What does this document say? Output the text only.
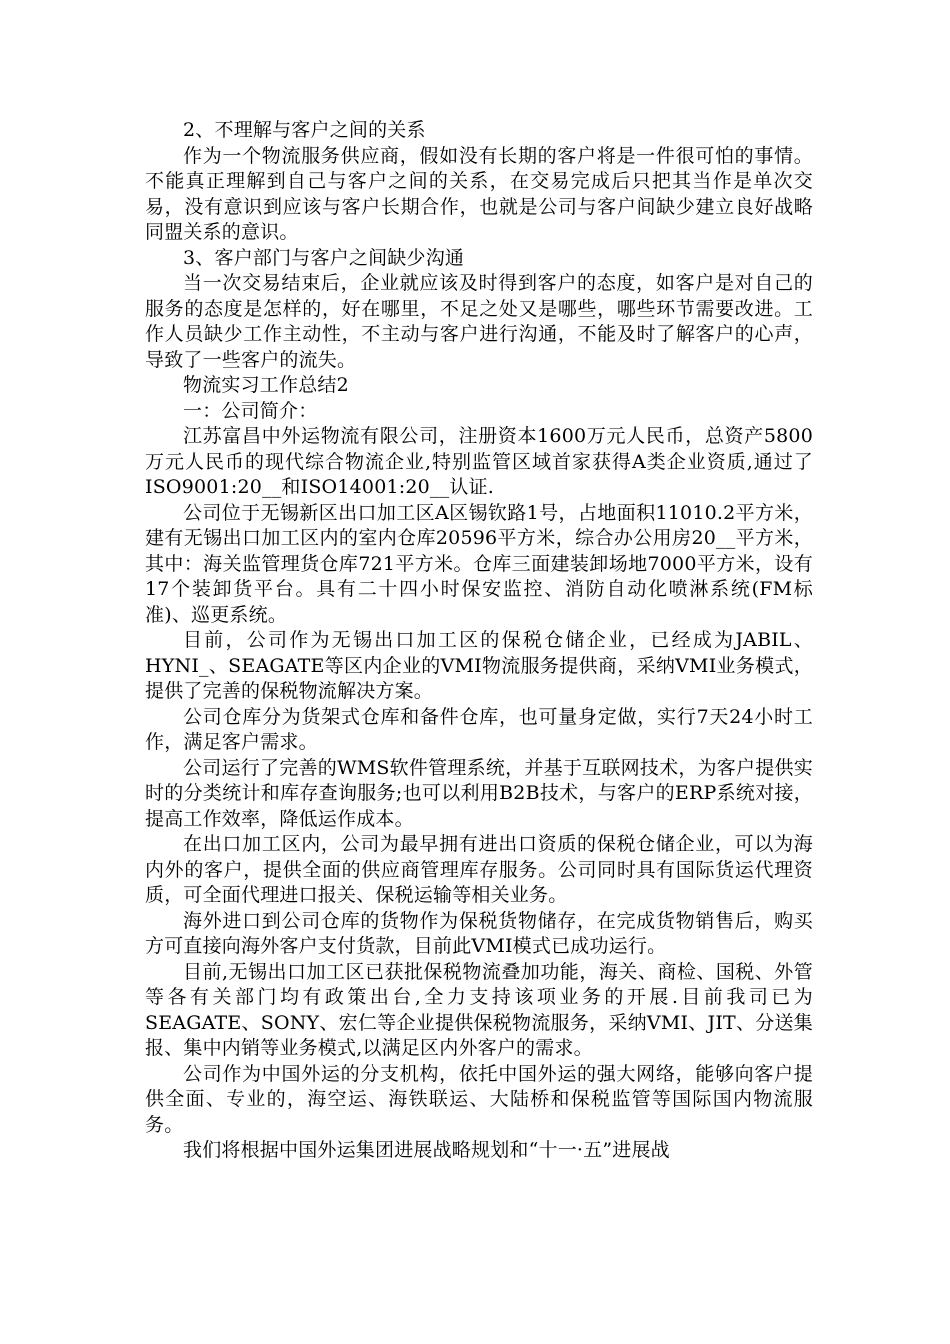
2、不理解与客户之间的关系

作为一个物流服务供应商，假如没有长期的客户将是一件很可怕的事情。不能真正理解到自己与客户之间的关系，在交易完成后只把其当作是单次交易，没有意识到应该与客户长期合作，也就是公司与客户间缺少建立良好战略同盟关系的意识。

3、客户部门与客户之间缺少沟通

当一次交易结束后，企业就应该及时得到客户的态度，如客户是对自己的服务的态度是怎样的，好在哪里，不足之处又是哪些，哪些环节需要改进。工作人员缺少工作主动性，不主动与客户进行沟通，不能及时了解客户的心声，导致了一些客户的流失。

物流实习工作总结2

一：公司简介：

江苏富昌中外运物流有限公司，注册资本1600万元人民币，总资产5800万元人民币的现代综合物流企业,特别监管区域首家获得A类企业资质,通过了ISO9001:20__和ISO14001:20__认证.

公司位于无锡新区出口加工区A区锡钦路1号，占地面积11010.2平方米，建有无锡出口加工区内的室内仓库20596平方米，综合办公用房20__平方米，其中：海关监管理货仓库721平方米。仓库三面建装卸场地7000平方米，设有17个装卸货平台。具有二十四小时保安监控、消防自动化喷淋系统(FM标准)、巡更系统。

目前，公司作为无锡出口加工区的保税仓储企业，已经成为JABIL、HYNI_、SEAGATE等区内企业的VMI物流服务提供商，采纳VMI业务模式，提供了完善的保税物流解决方案。

公司仓库分为货架式仓库和备件仓库，也可量身定做，实行7天24小时工作，满足客户需求。

公司运行了完善的WMS软件管理系统，并基于互联网技术，为客户提供实时的分类统计和库存查询服务;也可以利用B2B技术，与客户的ERP系统对接，提高工作效率，降低运作成本。

在出口加工区内，公司为最早拥有进出口资质的保税仓储企业，可以为海内外的客户，提供全面的供应商管理库存服务。公司同时具有国际货运代理资质，可全面代理进口报关、保税运输等相关业务。

海外进口到公司仓库的货物作为保税货物储存，在完成货物销售后，购买方可直接向海外客户支付货款，目前此VMI模式已成功运行。

目前,无锡出口加工区已获批保税物流叠加功能，海关、商检、国税、外管等各有关部门均有政策出台,全力支持该项业务的开展.目前我司已为SEAGATE、SONY、宏仁等企业提供保税物流服务，采纳VMI、JIT、分送集报、集中内销等业务模式,以满足区内外客户的需求。

公司作为中国外运的分支机构，依托中国外运的强大网络，能够向客户提供全面、专业的，海空运、海铁联运、大陆桥和保税监管等国际国内物流服务。

我们将根据中国外运集团进展战略规划和“十一·五”进展战
